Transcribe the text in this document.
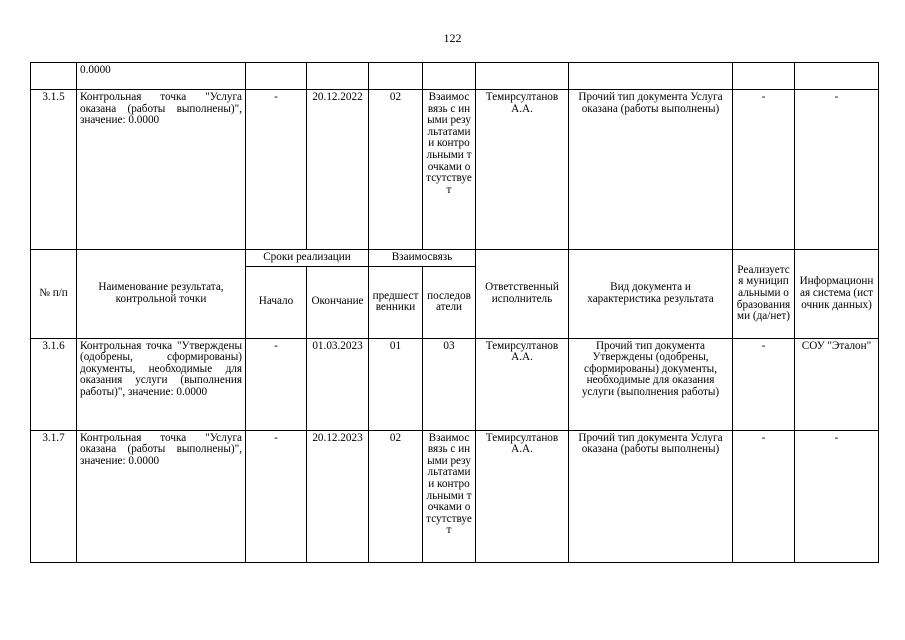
122
	0.0000								
3.1.5	Контрольная точка "Услуга оказана (работы выполнены)", значение: 0.0000	-	20.12.2022	02	Взаимосвязь с иными результатами и контрольными точками отсутствует	Темирсултанов А.А.	Прочий тип документа Услуга оказана (работы выполнены)	-	-
№ п/п	Наименование результата, контрольной точки	Сроки реализации		Взаимосвязь		Ответственный исполнитель	Вид документа и характеристика результата	Реализуется муниципальными образованиями (да/нет)	Информационная система (источник данных)
		Начало	Окончание	предшественники	последователи				
3.1.6	Контрольная точка "Утверждены (одобрены, сформированы) документы, необходимые для оказания услуги (выполнения работы)", значение: 0.0000	-	01.03.2023	01	03	Темирсултанов А.А.	Прочий тип документа Утверждены (одобрены, сформированы) документы, необходимые для оказания услуги (выполнения работы)	-	СОУ "Эталон"
3.1.7	Контрольная точка "Услуга оказана (работы выполнены)", значение: 0.0000	-	20.12.2023	02	Взаимосвязь с иными результатами и контрольными точками отсутствует	Темирсултанов А.А.	Прочий тип документа Услуга оказана (работы выполнены)	-	-
